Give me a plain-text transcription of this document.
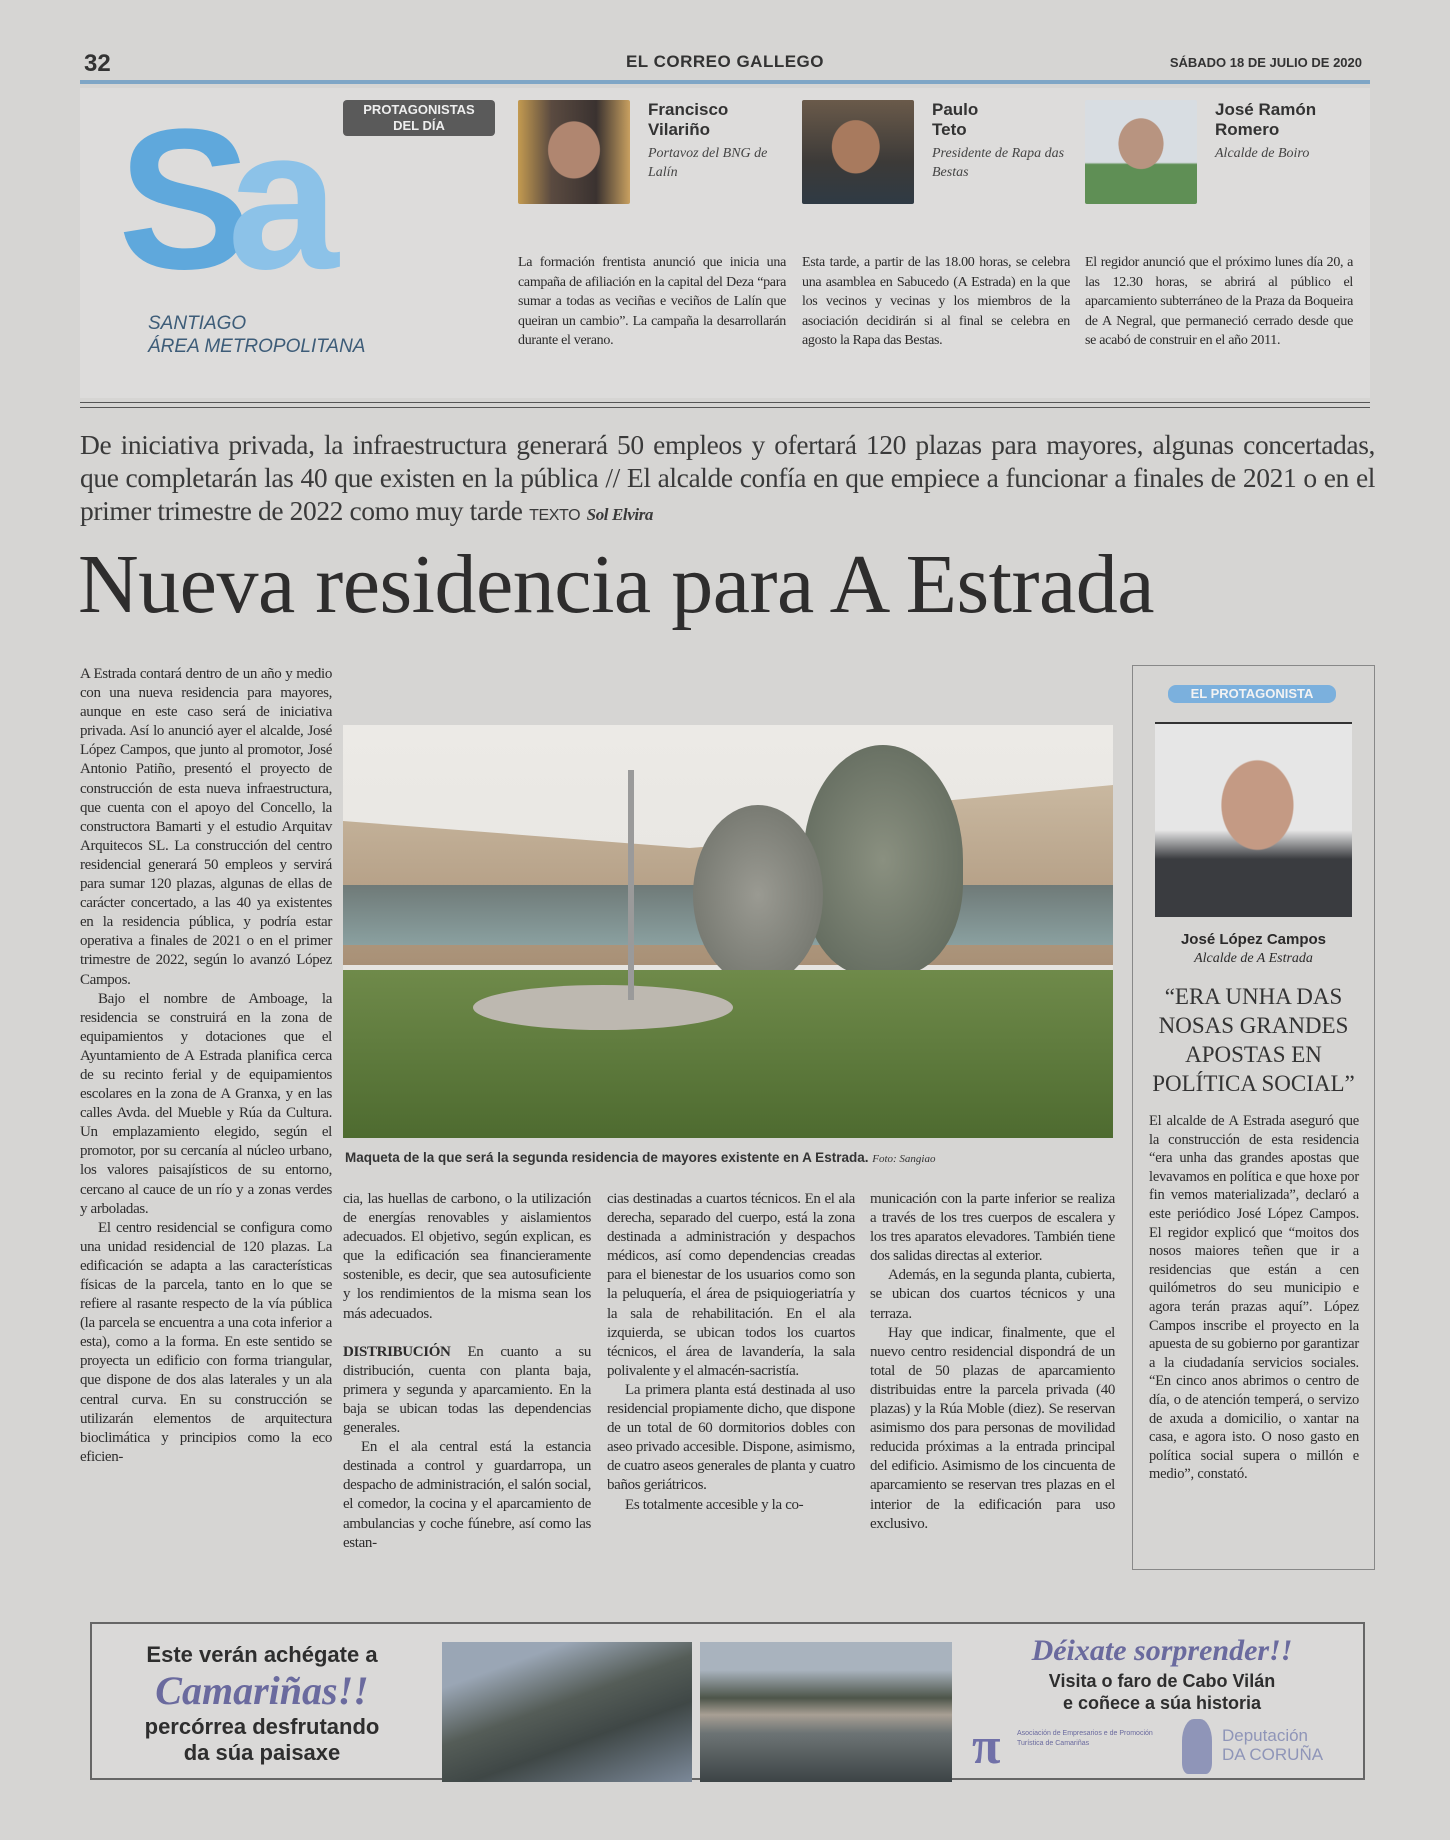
32	EL CORREO GALLEGO	SÁBADO 18 DE JULIO DE 2020
Sa
SANTIAGO
ÁREA METROPOLITANA
PROTAGONISTAS
DEL DÍA
Francisco
Vilariño
Portavoz del BNG de Lalín
La formación frentista anunció que inicia una campaña de afiliación en la capital del Deza “para sumar a todas as veciñas e veciños de Lalín que queiran un cambio”. La campaña la desarrollarán durante el verano.
Paulo
Teto
Presidente de Rapa das Bestas
Esta tarde, a partir de las 18.00 horas, se celebra una asamblea en Sabucedo (A Estrada) en la que los vecinos y vecinas y los miembros de la asociación decidirán si al final se celebra en agosto la Rapa das Bestas.
José Ramón
Romero
Alcalde de Boiro
El regidor anunció que el próximo lunes día 20, a las 12.30 horas, se abrirá al público el aparcamiento subterráneo de la Praza da Boqueira de A Negral, que permaneció cerrado desde que se acabó de construir en el año 2011.
De iniciativa privada, la infraestructura generará 50 empleos y ofertará 120 plazas para mayores, algunas concertadas, que completarán las 40 que existen en la pública // El alcalde confía en que empiece a funcionar a finales de 2021 o en el primer trimestre de 2022 como muy tarde TEXTO Sol Elvira
Nueva residencia para A Estrada

A Estrada contará dentro de un año y medio con una nueva residencia para mayores, aunque en este caso será de iniciativa privada. Así lo anunció ayer el alcalde, José López Campos, que junto al promotor, José Antonio Patiño, presentó el proyecto de construcción de esta nueva infraestructura, que cuenta con el apoyo del Concello, la constructora Bamarti y el estudio Arquitav Arquitecos SL. La construcción del centro residencial generará 50 empleos y servirá para sumar 120 plazas, algunas de ellas de carácter concertado, a las 40 ya existentes en la residencia pública, y podría estar operativa a finales de 2021 o en el primer trimestre de 2022, según lo avanzó López Campos.

Bajo el nombre de Amboage, la residencia se construirá en la zona de equipamientos y dotaciones que el Ayuntamiento de A Estrada planifica cerca de su recinto ferial y de equipamientos escolares en la zona de A Granxa, y en las calles Avda. del Mueble y Rúa da Cultura. Un emplazamiento elegido, según el promotor, por su cercanía al núcleo urbano, los valores paisajísticos de su entorno, cercano al cauce de un río y a zonas verdes y arboladas.

El centro residencial se configura como una unidad residencial de 120 plazas. La edificación se adapta a las características físicas de la parcela, tanto en lo que se refiere al rasante respecto de la vía pública (la parcela se encuentra a una cota inferior a esta), como a la forma. En este sentido se proyecta un edificio con forma triangular, que dispone de dos alas laterales y un ala central curva. En su construcción se utilizarán elementos de arquitectura bioclimática y principios como la eco eficien-

Maqueta de la que será la segunda residencia de mayores existente en A Estrada. Foto: Sangiao

cia, las huellas de carbono, o la utilización de energías renovables y aislamientos adecuados. El objetivo, según explican, es que la edificación sea financieramente sostenible, es decir, que sea autosuficiente y los rendimientos de la misma sean los más adecuados.

DISTRIBUCIÓN En cuanto a su distribución, cuenta con planta baja, primera y segunda y aparcamiento. En la baja se ubican todas las dependencias generales.

En el ala central está la estancia destinada a control y guardarropa, un despacho de administración, el salón social, el comedor, la cocina y el aparcamiento de ambulancias y coche fúnebre, así como las estan-

cias destinadas a cuartos técnicos. En el ala derecha, separado del cuerpo, está la zona destinada a administración y despachos médicos, así como dependencias creadas para el bienestar de los usuarios como son la peluquería, el área de psiquiogeriatría y la sala de rehabilitación. En el ala izquierda, se ubican todos los cuartos técnicos, el área de lavandería, la sala polivalente y el almacén-sacristía.

La primera planta está destinada al uso residencial propiamente dicho, que dispone de un total de 60 dormitorios dobles con aseo privado accesible. Dispone, asimismo, de cuatro aseos generales de planta y cuatro baños geriátricos.

Es totalmente accesible y la co-

municación con la parte inferior se realiza a través de los tres cuerpos de escalera y los tres aparatos elevadores. También tiene dos salidas directas al exterior.

Además, en la segunda planta, cubierta, se ubican dos cuartos técnicos y una terraza.

Hay que indicar, finalmente, que el nuevo centro residencial dispondrá de un total de 50 plazas de aparcamiento distribuidas entre la parcela privada (40 plazas) y la Rúa Moble (diez). Se reservan asimismo dos para personas de movilidad reducida próximas a la entrada principal del edificio. Asimismo de los cincuenta de aparcamiento se reservan tres plazas en el interior de la edificación para uso exclusivo.

EL PROTAGONISTA
José López Campos
Alcalde de A Estrada
“ERA UNHA DAS NOSAS GRANDES APOSTAS EN POLÍTICA SOCIAL”
El alcalde de A Estrada aseguró que la construcción de esta residencia “era unha das grandes apostas que levavamos en política e que hoxe por fin vemos materializada”, declaró a este periódico José López Campos. El regidor explicó que “moitos dos nosos maiores teñen que ir a residencias que están a cen quilómetros do seu municipio e agora terán prazas aquí”. López Campos inscribe el proyecto en la apuesta de su gobierno por garantizar a la ciudadanía servicios sociales. “En cinco anos abrimos o centro de día, o de atención temperá, o servizo de axuda a domicilio, o xantar na casa, e agora isto. O noso gasto en política social supera o millón e medio”, constató.
Este verán achégate a
Camariñas!!
percórrea desfrutando
da súa paisaxe
Déixate sorprender!!
Visita o faro de Cabo Vilán
e coñece a súa historia
π	Asociación de Empresarios e de Promoción Turística de Camariñas	Deputación
DA CORUÑA
